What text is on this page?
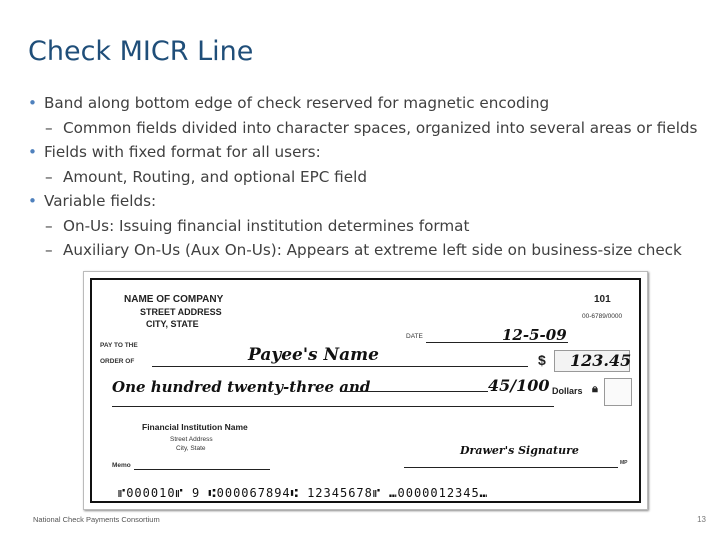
Check MICR Line
• Band along bottom edge of check reserved for magnetic encoding
– Common fields divided into character spaces, organized into several areas or fields
• Fields with fixed format for all users:
– Amount, Routing, and optional EPC field
• Variable fields:
– On-Us: Issuing financial institution determines format
– Auxiliary On-Us (Aux On-Us): Appears at extreme left side on business-size check
NAME OF COMPANY
STREET ADDRESS
CITY, STATE
101
00-6789/0000
DATE	12-5-09
PAY TO THE
ORDER OF	Payee's Name	$ 123.45
One hundred twenty-three and	45/100 Dollars 🔒︎
Financial Institution Name
Street Address
City, State	Drawer's Signature
Memo	MP
⑈000010⑈ 9 ⑆000067894⑆ 12345678⑈ ⑉0000012345⑉
National Check Payments Consortium	13
